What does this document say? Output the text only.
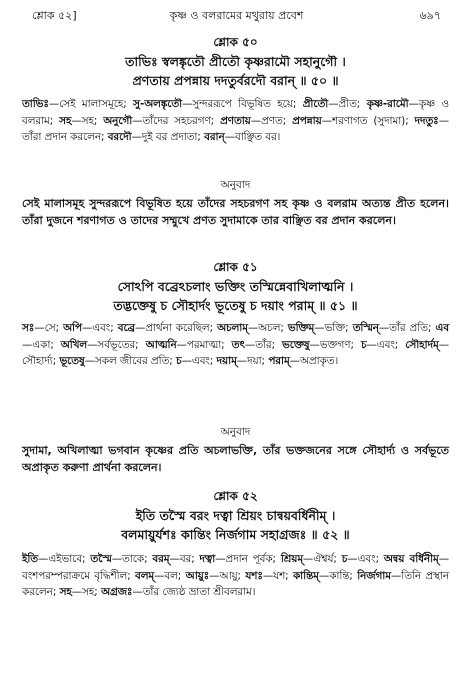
শ্লোক ৫২]	কৃষ্ণ ও বলরামের মথুরায় প্রবেশ	৬৯৭
শ্লোক ৫০
তাভিঃ স্বলঙ্কৃতৌ প্রীতৌ কৃষ্ণরামৌ সহানুগৌ ।
প্রণতায় প্রপন্নায় দদতুর্বরদৌ বরান্‌ ॥ ৫০ ॥
তাভিঃ—সেই মালাসমূহে; সু-অলঙ্কৃতৌ—সুন্দররূপে বিভূষিত হয়ে; প্রীতৌ—প্রীত; কৃষ্ণ-রামৌ—কৃষ্ণ ও বলরাম; সহ—সহ; অনুগৌ—তাঁদের সহচরগণ; প্রণতায়—প্রণত; প্রপন্নায়—শরণাগত (সুদামা); দদতুঃ—তাঁরা প্রদান করলেন; বরদৌ—দুই বর প্রদাতা; বরান্‌—বাঞ্ছিত বর।
অনুবাদ
সেই মালাসমূহ সুন্দররূপে বিভূষিত হয়ে তাঁদের সহচরগণ সহ কৃষ্ণ ও বলরাম অত্যন্ত প্রীত হলেন। তাঁরা দুজনে শরণাগত ও তাদের সম্মুখে প্রণত সুদামাকে তার বাঞ্ছিত বর প্রদান করলেন।
শ্লোক ৫১
সোঽপি বব্রেঽচলাং ভক্তিং তস্মিন্নেবাখিলাত্মনি ।
তদ্ভক্তেষু চ সৌহার্দং ভূতেষু চ দয়াং পরাম্‌ ॥ ৫১ ॥
সঃ—সে; অপি—এবং; বব্রে—প্রার্থনা করেছিল; অচলাম্‌—অচল; ভক্তিম্‌—ভক্তি; তস্মিন্‌—তাঁর প্রতি; এব—একা; অখিল—সর্বভূতের; আত্মনি—পরমাত্মা; তৎ—তাঁর; ভক্তেষু—ভক্তগণ; চ—এবং; সৌহার্দম্‌—সৌহার্দ্য; ভূতেষু—সকল জীবের প্রতি; চ—এবং; দয়াম্‌—দয়া; পরাম্‌—অপ্রাকৃত।
অনুবাদ
সুদামা, অখিলাত্মা ভগবান কৃষ্ণের প্রতি অচলাভক্তি, তাঁর ভক্তজনের সঙ্গে সৌহার্দ্য ও সর্বভূতে অপ্রাকৃত করুণা প্রার্থনা করলেন।
শ্লোক ৫২
ইতি তস্মৈ বরং দত্বা শ্রিয়ং চান্বয়বর্ধিনীম্‌ ।
বলমায়ুর্যশঃ কান্তিং নির্জগাম সহাগ্রজঃ ॥ ৫২ ॥
ইতি—এইভাবে; তস্মৈ—তাকে; বরম্‌—বর; দত্বা—প্রদান পূর্বক; শ্রিয়ম্‌—ঐশ্বর্য; চ—এবং; অন্বয় বর্ধিনীম্‌—বংশপরম্পরাক্রমে বৃদ্ধিশীল; বলম্‌—বল; আয়ুঃ—আয়ু; যশঃ—যশ; কান্তিম্‌—কান্তি; নির্জগাম—তিনি প্রস্থান করলেন; সহ—সহ; অগ্রজঃ—তাঁর জ্যেষ্ঠ ভ্রাতা শ্রীবলরাম।
